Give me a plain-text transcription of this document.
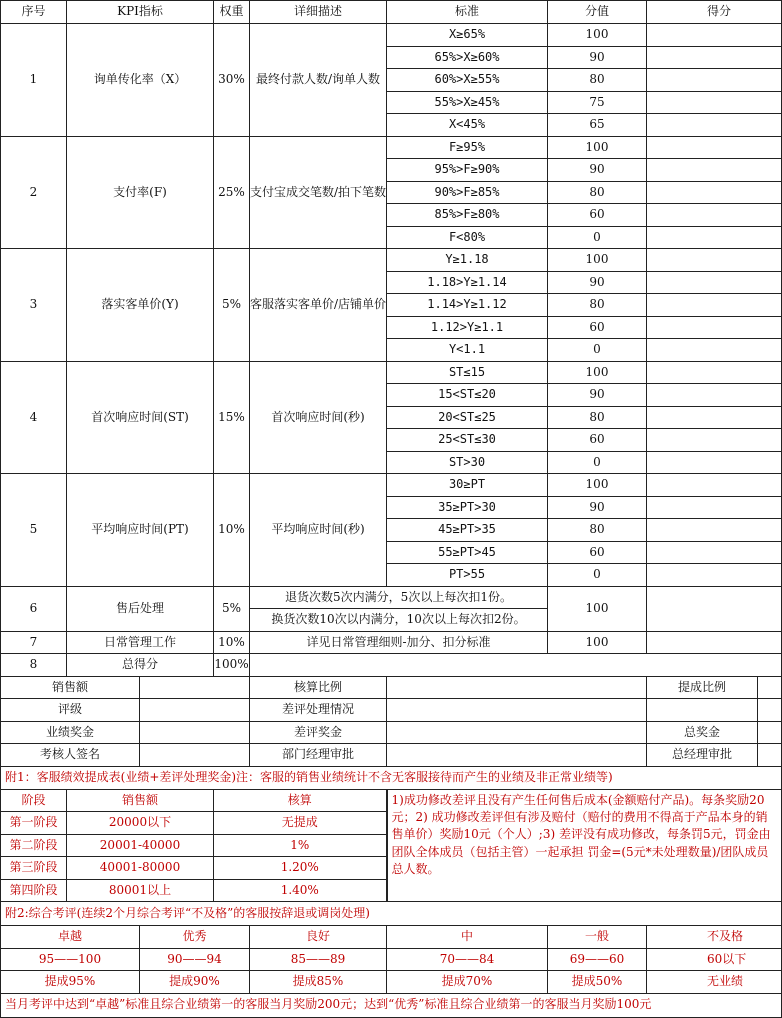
序号	KPI指标		权重	详细描述	标准	分值	得分	
1	询单传化率（X）		30%	最终付款人数/询单人数	X≥65%	100		
					65%>X≥60%	90		
					60%>X≥55%	80		
					55%>X≥45%	75		
					X<45%	65		
2	支付率(F)		25%	支付宝成交笔数/拍下笔数	F≥95%	100		
					95%>F≥90%	90		
					90%>F≥85%	80		
					85%>F≥80%	60		
					F<80%	0		
3	落实客单价(Y)		5%	客服落实客单价/店铺单价	Y≥1.18	100		
					1.18>Y≥1.14	90		
					1.14>Y≥1.12	80		
					1.12>Y≥1.1	60		
					Y<1.1	0		
4	首次响应时间(ST)		15%	首次响应时间(秒)	ST≤15	100		
					15<ST≤20	90		
					20<ST≤25	80		
					25<ST≤30	60		
					ST>30	0		
5	平均响应时间(PT)		10%	平均响应时间(秒)	30≥PT	100		
					35≥PT>30	90		
					45≥PT>35	80		
					55≥PT>45	60		
					PT>55	0		
6	售后处理		5%	退货次数5次内满分，5次以上每次扣1份。		100		
				换货次数10次以内满分，10次以上每次扣2份。				
7	日常管理工作		10%	详见日常管理细则-加分、扣分标准		100		
8	总得分		100%					
销售额				核算比例			提成比例	
评级				差评处理情况				
业绩奖金				差评奖金			总奖金	
考核人签名				部门经理审批			总经理审批	
附1：客服绩效提成表(业绩+差评处理奖金)注：客服的销售业绩统计不含无客服接待而产生的业绩及非正常业绩等)								
阶段	销售额		核算		1)成功修改差评且没有产生任何售后成本(金额赔付产品)。每条奖励20元；2) 成功修改差评但有涉及赔付（赔付的费用不得高于产品本身的销售单价）奖励10元（个人）;3) 差评没有成功修改，每条罚5元，罚金由团队全体成员（包括主管）一起承担 罚金=(5元*未处理数量)/团队成员总人数。			
第一阶段	20000以下		无提成					
第二阶段	20001-40000		1%					
第三阶段	40001-80000		1.20%					
第四阶段	80001以上		1.40%					
附2:综合考评(连续2个月综合考评“不及格”的客服按辞退或调岗处理)								
卓越		优秀		良好	中	一般	不及格	
95——100		90——94		85——89	70——84	69——60	60以下	
提成95%		提成90%		提成85%	提成70%	提成50%	无业绩	
当月考评中达到“卓越”标准且综合业绩第一的客服当月奖励200元；达到“优秀”标准且综合业绩第一的客服当月奖励100元								
